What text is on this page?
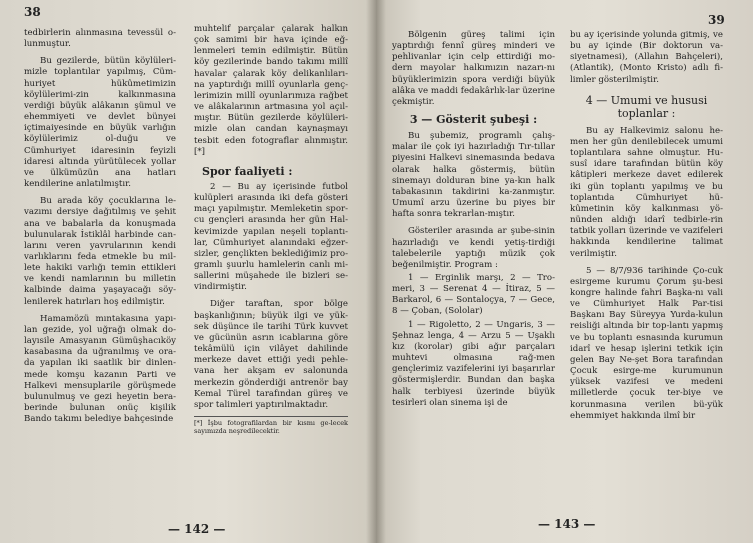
38

tedbirlerin alınmasına tevessül o-lunmuştur.

Bu gezilerde, bütün köylüleri-mizle toplantılar yapılmış, Cüm-huriyet hükûmetimizin köylülerimi-zin kalkınmasına verdiği büyük alâkanın şümul ve ehemmiyeti ve devlet bünyei içtimaiyesinde en büyük varlığın köylülerimiz ol-duğu ve Cümhuriyet idaresinin feyizli idaresi altında yürütülecek yollar ve ülkümüzün ana hatları kendilerine anlatılmıştır.

Bu arada köy çocuklarına le-vazımı dersiye dağıtılmış ve şehit ana ve babalarla da konuşmada bulunularak İstiklâl harbinde can-larını veren yavrularının kendi varlıklarını feda etmekle bu mil-lete hakiki varlığı temin ettikleri ve kendi namlarının bu milletin kalbinde daima yaşayacağı söy-lenilerek hatırları hoş edilmiştir.

Hamamözü mıntakasına yapı-lan gezide, yol uğrağı olmak do-layısile Amasyanın Gümüşhacıköy kasabasına da uğranılmış ve ora-da yapılan iki saatlik bir dinlen-mede komşu kazanın Parti ve Halkevi mensuplarile görüşmede bulunulmuş ve gezi heyetin bera-berinde bulunan onüç kişilik Bando takımı belediye bahçesinde

muhtelif parçalar çalarak halkın çok samimi bir hava içinde eğ-lenmeleri temin edilmiştir. Bütün köy gezilerinde bando takımı millî havalar çalarak köy delikanlıları-na yaptırdığı millî oyunlarla genç-lerimizin millî oyunlarımıza rağbet ve alâkalarının artmasına yol açıl-mıştır. Bütün gezilerde köylüleri-mizle olan candan kaynaşmayı tesbit eden fotograflar alınmıştır.[*]

Spor faaliyeti :

2 — Bu ay içerisinde futbol kulüpleri arasında iki defa gösteri maçı yapılmıştır. Memleketin spor-cu gençleri arasında her gün Hal-kevimizde yapılan neşeli toplantı-lar, Cümhuriyet alanındaki eğzer-sizler, gençlikten beklediğimiz pro-gramlı şuurlu hamlelerin canlı mi-sallerini müşahede ile bizleri se-vindirmiştir.

Diğer taraftan, spor bölge başkanlığının; büyük ilgi ve yük-sek düşünce ile tarihi Türk kuvvet ve gücünün asrın icablarına göre tekâmülü için vilâyet dahilinde merkeze davet ettiği yedi pehle-vana her akşam ev salonunda merkezin gönderdiği antrenör bay Kemal Türel tarafından güreş ve spor talimleri yaptırılmaktadır.

[*] İşbu fotografilardan bir kısmı ge-lecek sayımızda neşredilecektir.
— 142 —
39

Bölgenin güreş talimi için yaptırdığı fennî güreş minderi ve pehlivanlar için celp ettirdiği mo-dern mayolar halkımızın nazarı-nı büyüklerimizin spora verdiği büyük alâka ve maddi fedakârlık-lar üzerine çekmiştir.

3 — Gösterit şubeşi :

Bu şubemiz, programlı çalış-malar ile çok iyi hazırladığı Tır-tıllar piyesini Halkevi sinemasında bedava olarak halka göstermiş, bütün sinemayı dolduran bine ya-kın halk tabakasının takdirini ka-zanmıştır. Umumî arzu üzerine bu piyes bir hafta sonra tekrarlan-mıştır.

Gösteriler arasında ar şube-sinin hazırladığı ve kendi yetiş-tirdiği talebelerile yaptığı müzik çok beğenilmiştir. Program :

1 — Erginlik marşı, 2 — Tro-meri, 3 — Serenat 4 — İtiraz, 5 — Barkarol, 6 — Sontaloçya, 7 — Gece, 8 — Çoban, (Sololar)

1 — Rigoletto, 2 — Ungaris, 3 — Şehnaz lenga, 4 — Arzu 5 — Uşaklı kız (korolar) gibi ağır parçaları muhtevi olmasına rağ-men gençlerimiz vazifelerini iyi başarırlar göstermişlerdir. Bundan dan başka halk terbiyesi üzerinde büyük tesirleri olan sinema işi de

bu ay içerisinde yolunda gitmiş, ve bu ay içinde (Bir doktorun va-siyetnamesi), (Allahın Bahçeleri), (Atlantik), (Monto Kristo) adlı fi-limler gösterilmiştir.

4 — Umumi ve hususi toplanlar :

Bu ay Halkevimiz salonu he-men her gün denilebilecek umumi toplantılara sahne olmuştur. Hu-susî idare tarafından bütün köy kâtipleri merkeze davet edilerek iki gün toplantı yapılmış ve bu toplantıda Cümhuriyet hü-kûmetinin köy kalkınması yö-nünden aldığı idarî tedbirle-rin tatbik yolları üzerinde ve vazifeleri hakkında kendilerine talimat verilmiştir.

5 — 8/7/936 tarihinde Ço-cuk esirgeme kurumu Çorum şu-besi kongre halinde fahri Başka-nı vali ve Cümhuriyet Halk Par-tisi Başkanı Bay Süreyya Yurda-kulun reisliği altında bir top-lantı yapmış ve bu toplantı esnasında kurumun idarî ve hesap işlerini tetkik için gelen Bay Ne-şet Bora tarafından Çocuk esirge-me kurumunun yüksek vazifesi ve medeni milletlerde çocuk ter-biye ve korunmasına verilen bü-yük ehemmiyet hakkında ilmî bir

— 143 —
